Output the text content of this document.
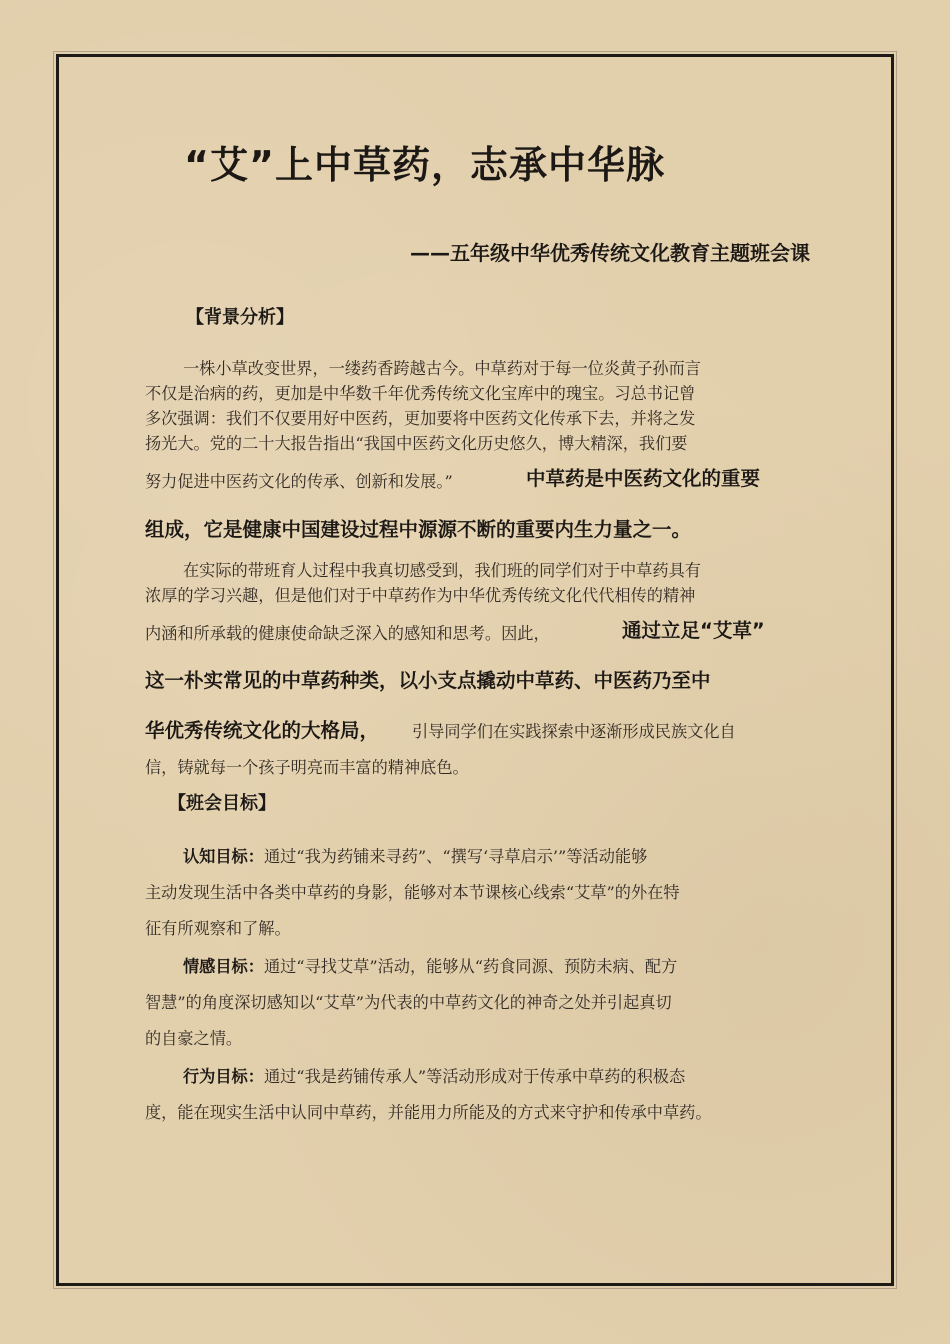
“艾”上中草药，志承中华脉
——五年级中华优秀传统文化教育主题班会课
【背景分析】
一株小草改变世界，一缕药香跨越古今。中草药对于每一位炎黄子孙而言
不仅是治病的药，更加是中华数千年优秀传统文化宝库中的瑰宝。习总书记曾
多次强调：我们不仅要用好中医药，更加要将中医药文化传承下去，并将之发
扬光大。党的二十大报告指出“我国中医药文化历史悠久，博大精深，我们要
努力促进中医药文化的传承、创新和发展。”	中草药是中医药文化的重要
组成，它是健康中国建设过程中源源不断的重要内生力量之一。
在实际的带班育人过程中我真切感受到，我们班的同学们对于中草药具有
浓厚的学习兴趣，但是他们对于中草药作为中华优秀传统文化代代相传的精神
内涵和所承载的健康使命缺乏深入的感知和思考。因此，	通过立足“艾草”
这一朴实常见的中草药种类，以小支点撬动中草药、中医药乃至中
华优秀传统文化的大格局， 引导同学们在实践探索中逐渐形成民族文化自
信，铸就每一个孩子明亮而丰富的精神底色。
【班会目标】
认知目标：通过“我为药铺来寻药”、“撰写‘寻草启示’”等活动能够
主动发现生活中各类中草药的身影，能够对本节课核心线索“艾草”的外在特
征有所观察和了解。
情感目标：通过“寻找艾草”活动，能够从“药食同源、预防未病、配方
智慧”的角度深切感知以“艾草”为代表的中草药文化的神奇之处并引起真切
的自豪之情。
行为目标：通过“我是药铺传承人”等活动形成对于传承中草药的积极态
度，能在现实生活中认同中草药，并能用力所能及的方式来守护和传承中草药。
